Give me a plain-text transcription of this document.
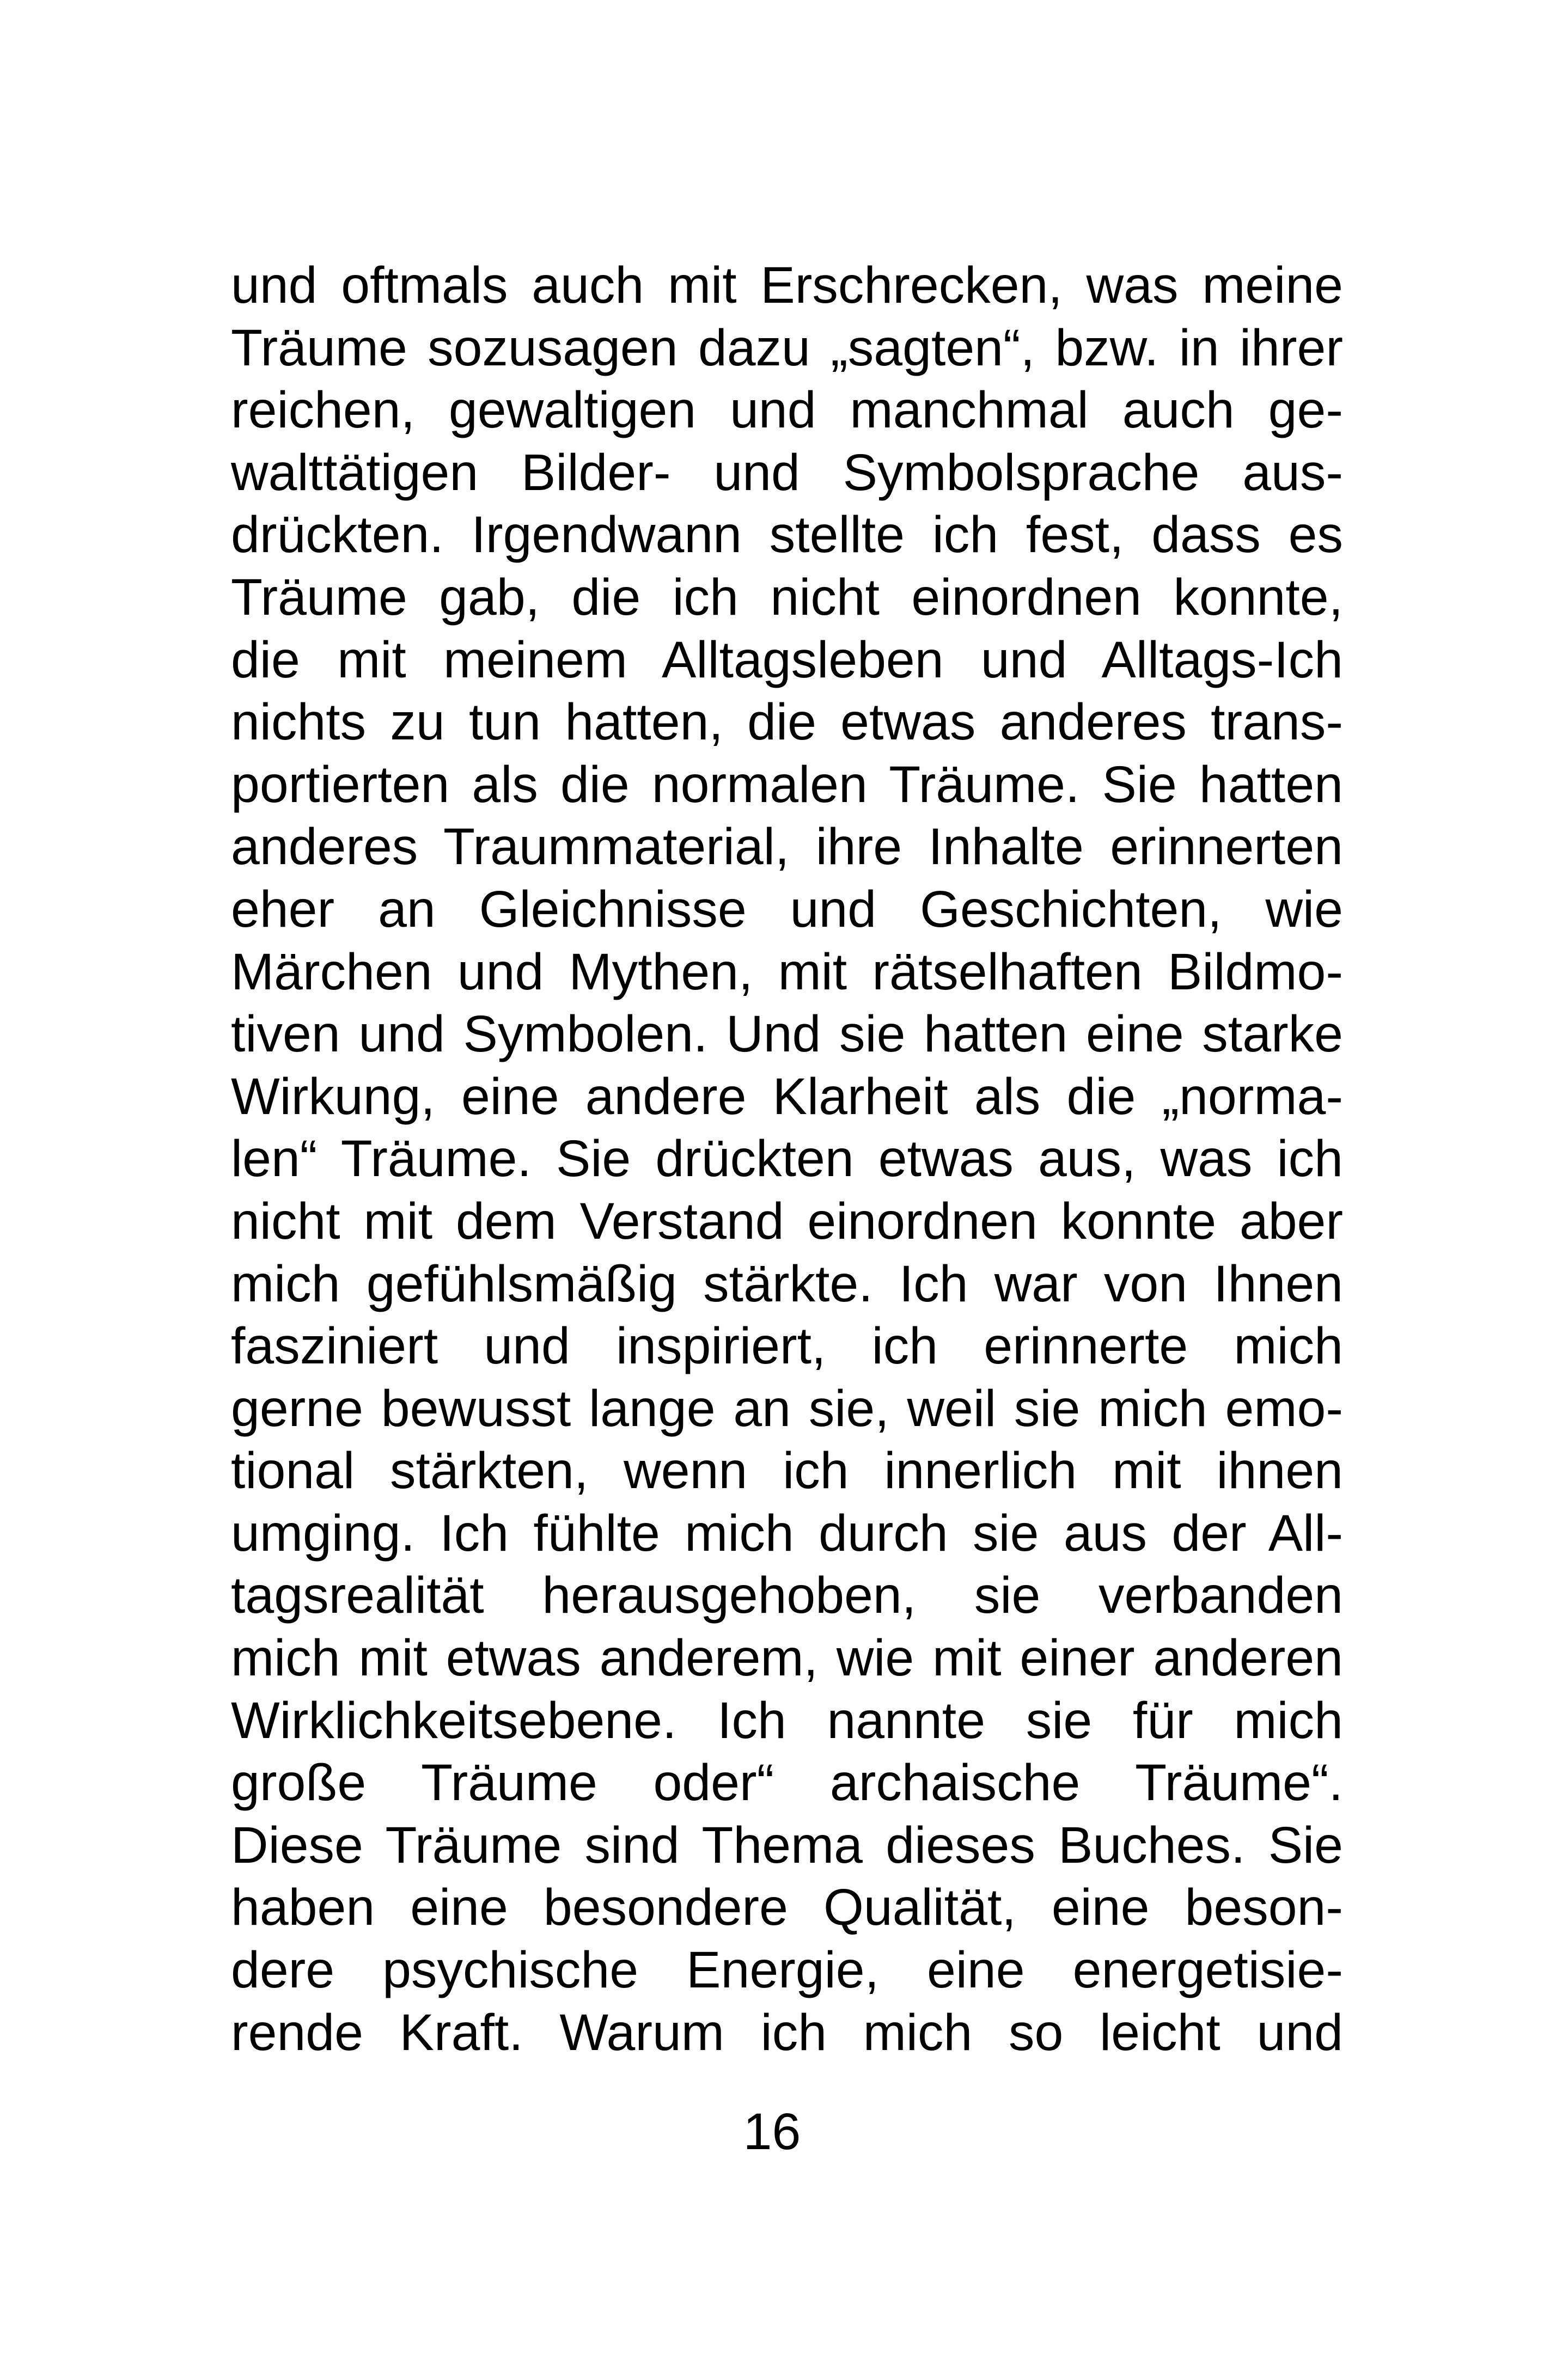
und oftmals auch mit Erschrecken, was meine
Träume sozusagen dazu „sagten“, bzw. in ihrer
reichen, gewaltigen und manchmal auch ge-
walttätigen Bilder- und Symbolsprache aus-
drückten. Irgendwann stellte ich fest, dass es
Träume gab, die ich nicht einordnen konnte,
die mit meinem Alltagsleben und Alltags-Ich
nichts zu tun hatten, die etwas anderes trans-
portierten als die normalen Träume. Sie hatten
anderes Traummaterial, ihre Inhalte erinnerten
eher an Gleichnisse und Geschichten, wie
Märchen und Mythen, mit rätselhaften Bildmo-
tiven und Symbolen. Und sie hatten eine starke
Wirkung, eine andere Klarheit als die „norma-
len“ Träume. Sie drückten etwas aus, was ich
nicht mit dem Verstand einordnen konnte aber
mich gefühlsmäßig stärkte. Ich war von Ihnen
fasziniert und inspiriert, ich erinnerte mich
gerne bewusst lange an sie, weil sie mich emo-
tional stärkten, wenn ich innerlich mit ihnen
umging. Ich fühlte mich durch sie aus der All-
tagsrealität herausgehoben, sie verbanden
mich mit etwas anderem, wie mit einer anderen
Wirklichkeitsebene. Ich nannte sie für mich
große Träume oder“ archaische Träume“.
Diese Träume sind Thema dieses Buches. Sie
haben eine besondere Qualität, eine beson-
dere psychische Energie, eine energetisie-
rende Kraft. Warum ich mich so leicht und
16
